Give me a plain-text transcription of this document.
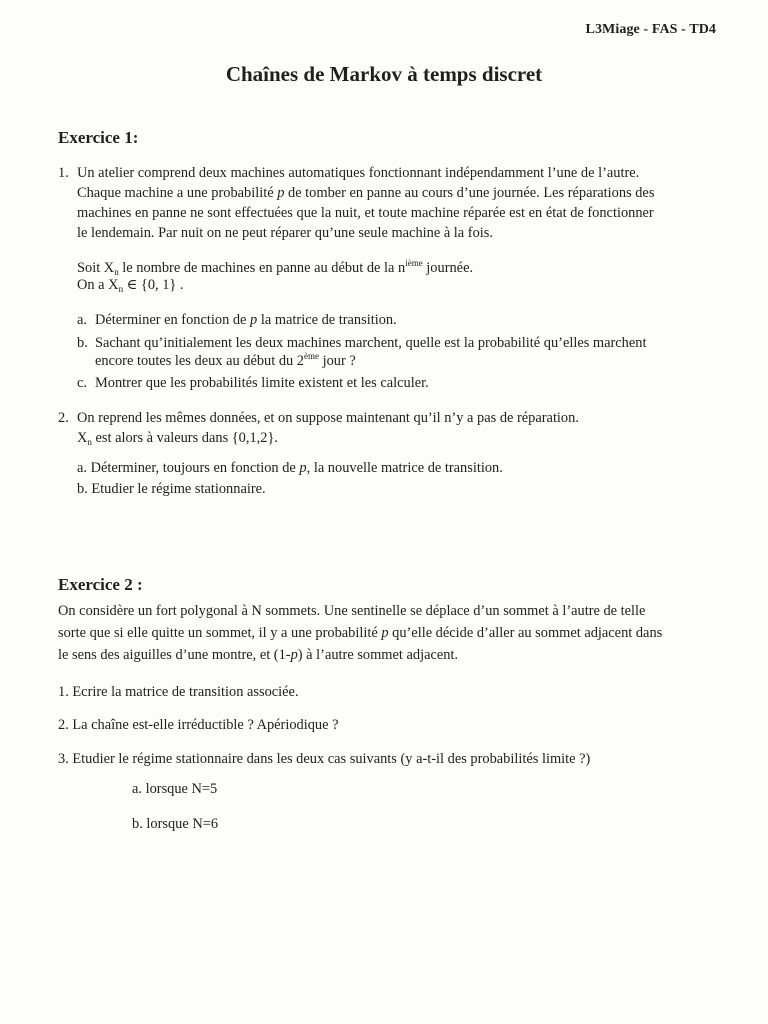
L3Miage - FAS - TD4
Chaînes de Markov à temps discret
Exercice 1:
1. Un atelier comprend deux machines automatiques fonctionnant indépendamment l’une de l’autre.
Chaque machine a une probabilité p de tomber en panne au cours d’une journée. Les réparations des
machines en panne ne sont effectuées que la nuit, et toute machine réparée est en état de fonctionner
le lendemain. Par nuit on ne peut réparer qu’une seule machine à la fois.
Soit $X_n$ le nombre de machines en panne au début de la $n^{ième}$ journée.
On a $X_n$ ∈ {0, 1} .
a. Déterminer en fonction de p la matrice de transition.
b. Sachant qu’initialement les deux machines marchent, quelle est la probabilité qu’elles marchent
encore toutes les deux au début du 2ème jour ?
c. Montrer que les probabilités limite existent et les calculer.
2. On reprend les mêmes données, et on suppose maintenant qu’il n’y a pas de réparation.
$X_n$ est alors à valeurs dans {0,1,2}.
a. Déterminer, toujours en fonction de p, la nouvelle matrice de transition.
b. Etudier le régime stationnaire.
Exercice 2 :
On considère un fort polygonal à N sommets. Une sentinelle se déplace d’un sommet à l’autre de telle
sorte que si elle quitte un sommet, il y a une probabilité p qu’elle décide d’aller au sommet adjacent dans
le sens des aiguilles d’une montre, et (1-p) à l’autre sommet adjacent.
1. Ecrire la matrice de transition associée.
2. La chaîne est-elle irréductible ? Apériodique ?
3. Etudier le régime stationnaire dans les deux cas suivants (y a-t-il des probabilités limite ?)
a. lorsque N=5
b. lorsque N=6
